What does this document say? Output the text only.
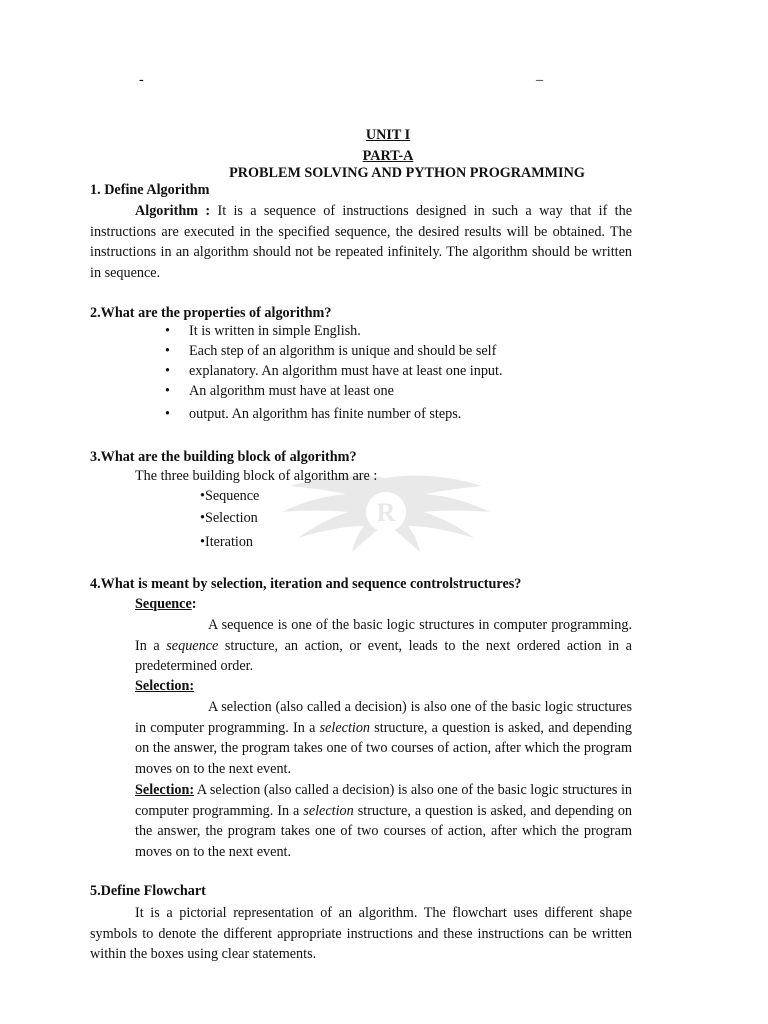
-	–
UNIT I
PART-A
PROBLEM SOLVING AND PYTHON PROGRAMMING
R
1. Define Algorithm
Algorithm : It is a sequence of instructions designed in such a way that if the instructions are executed in the specified sequence, the desired results will be obtained. The instructions in an algorithm should not be repeated infinitely. The algorithm should be written in sequence.
2.What are the properties of algorithm?
• It is written in simple English.
• Each step of an algorithm is unique and should be self
• explanatory. An algorithm must have at least one input.
• An algorithm must have at least one
• output. An algorithm has finite number of steps.
3.What are the building block of algorithm?
The three building block of algorithm are :
•Sequence
•Selection
•Iteration
4.What is meant by selection, iteration and sequence controlstructures?
Sequence:
A sequence is one of the basic logic structures in computer programming. In a sequence structure, an action, or event, leads to the next ordered action in a predetermined order.
Selection:
A selection (also called a decision) is also one of the basic logic structures in computer programming. In a selection structure, a question is asked, and depending on the answer, the program takes one of two courses of action, after which the program moves on to the next event.
Selection: A selection (also called a decision) is also one of the basic logic structures in computer programming. In a selection structure, a question is asked, and depending on the answer, the program takes one of two courses of action, after which the program moves on to the next event.
5.Define Flowchart
It is a pictorial representation of an algorithm. The flowchart uses different shape symbols to denote the different appropriate instructions and these instructions can be written within the boxes using clear statements.
